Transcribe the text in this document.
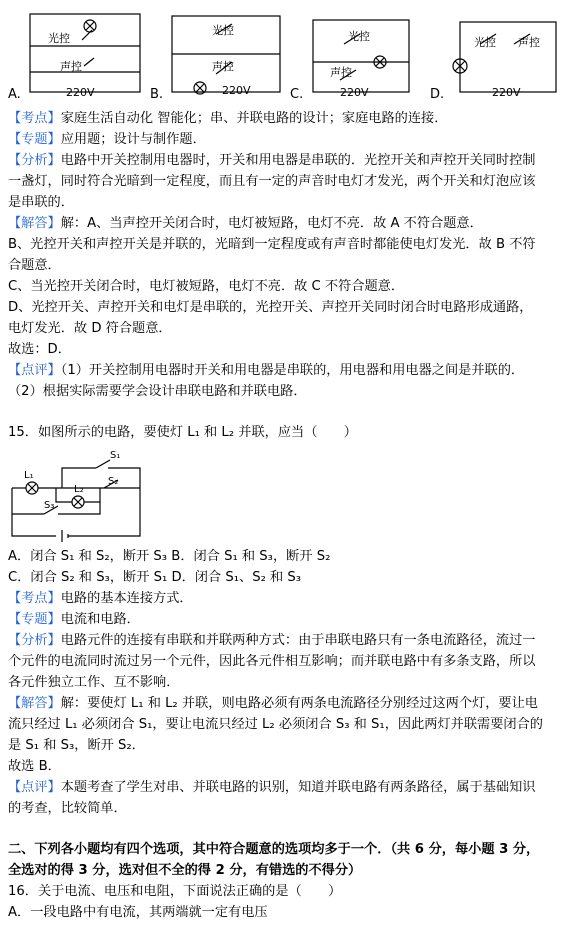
光控
声控
220V
光控
声控
220V
光控
声控
220V
光控 声控
220V
A.	B.	C.	D.
【考点】家庭生活自动化 智能化；串、并联电路的设计；家庭电路的连接．
【专题】应用题；设计与制作题．
【分析】电路中开关控制用电器时，开关和用电器是串联的．光控开关和声控开关同时控制
一盏灯，同时符合光暗到一定程度，而且有一定的声音时电灯才发光，两个开关和灯泡应该
是串联的．
【解答】解：A、当声控开关闭合时，电灯被短路，电灯不亮．故 A 不符合题意．
B、光控开关和声控开关是并联的，光暗到一定程度或有声音时都能使电灯发光．故 B 不符
合题意．
C、当光控开关闭合时，电灯被短路，电灯不亮．故 C 不符合题意．
D、光控开关、声控开关和电灯是串联的，光控开关、声控开关同时闭合时电路形成通路，
电灯发光．故 D 符合题意．
故选：D．
【点评】（1）开关控制用电器时开关和用电器是串联的，用电器和用电器之间是并联的．
（2）根据实际需要学会设计串联电路和并联电路．
15．如图所示的电路，要使灯 L₁ 和 L₂ 并联，应当（　　）
L₁
L₂
S₁
S₂
S₃
A．闭合 S₁ 和 S₂，断开 S₃ B．闭合 S₁ 和 S₃，断开 S₂
C．闭合 S₂ 和 S₃，断开 S₁ D．闭合 S₁、S₂ 和 S₃
【考点】电路的基本连接方式．
【专题】电流和电路．
【分析】电路元件的连接有串联和并联两种方式：由于串联电路只有一条电流路径，流过一
个元件的电流同时流过另一个元件，因此各元件相互影响；而并联电路中有多条支路，所以
各元件独立工作、互不影响．
【解答】解：要使灯 L₁ 和 L₂ 并联，则电路必须有两条电流路径分别经过这两个灯，要让电
流只经过 L₁ 必须闭合 S₁，要让电流只经过 L₂ 必须闭合 S₃ 和 S₁，因此两灯并联需要闭合的
是 S₁ 和 S₃，断开 S₂．
故选 B．
【点评】本题考查了学生对串、并联电路的识别，知道并联电路有两条路径，属于基础知识
的考查，比较简单．
二、下列各小题均有四个选项，其中符合题意的选项均多于一个．（共 6 分，每小题 3 分，
全选对的得 3 分，选对但不全的得 2 分，有错选的不得分）
16．关于电流、电压和电阻，下面说法正确的是（　　）
A．一段电路中有电流，其两端就一定有电压
